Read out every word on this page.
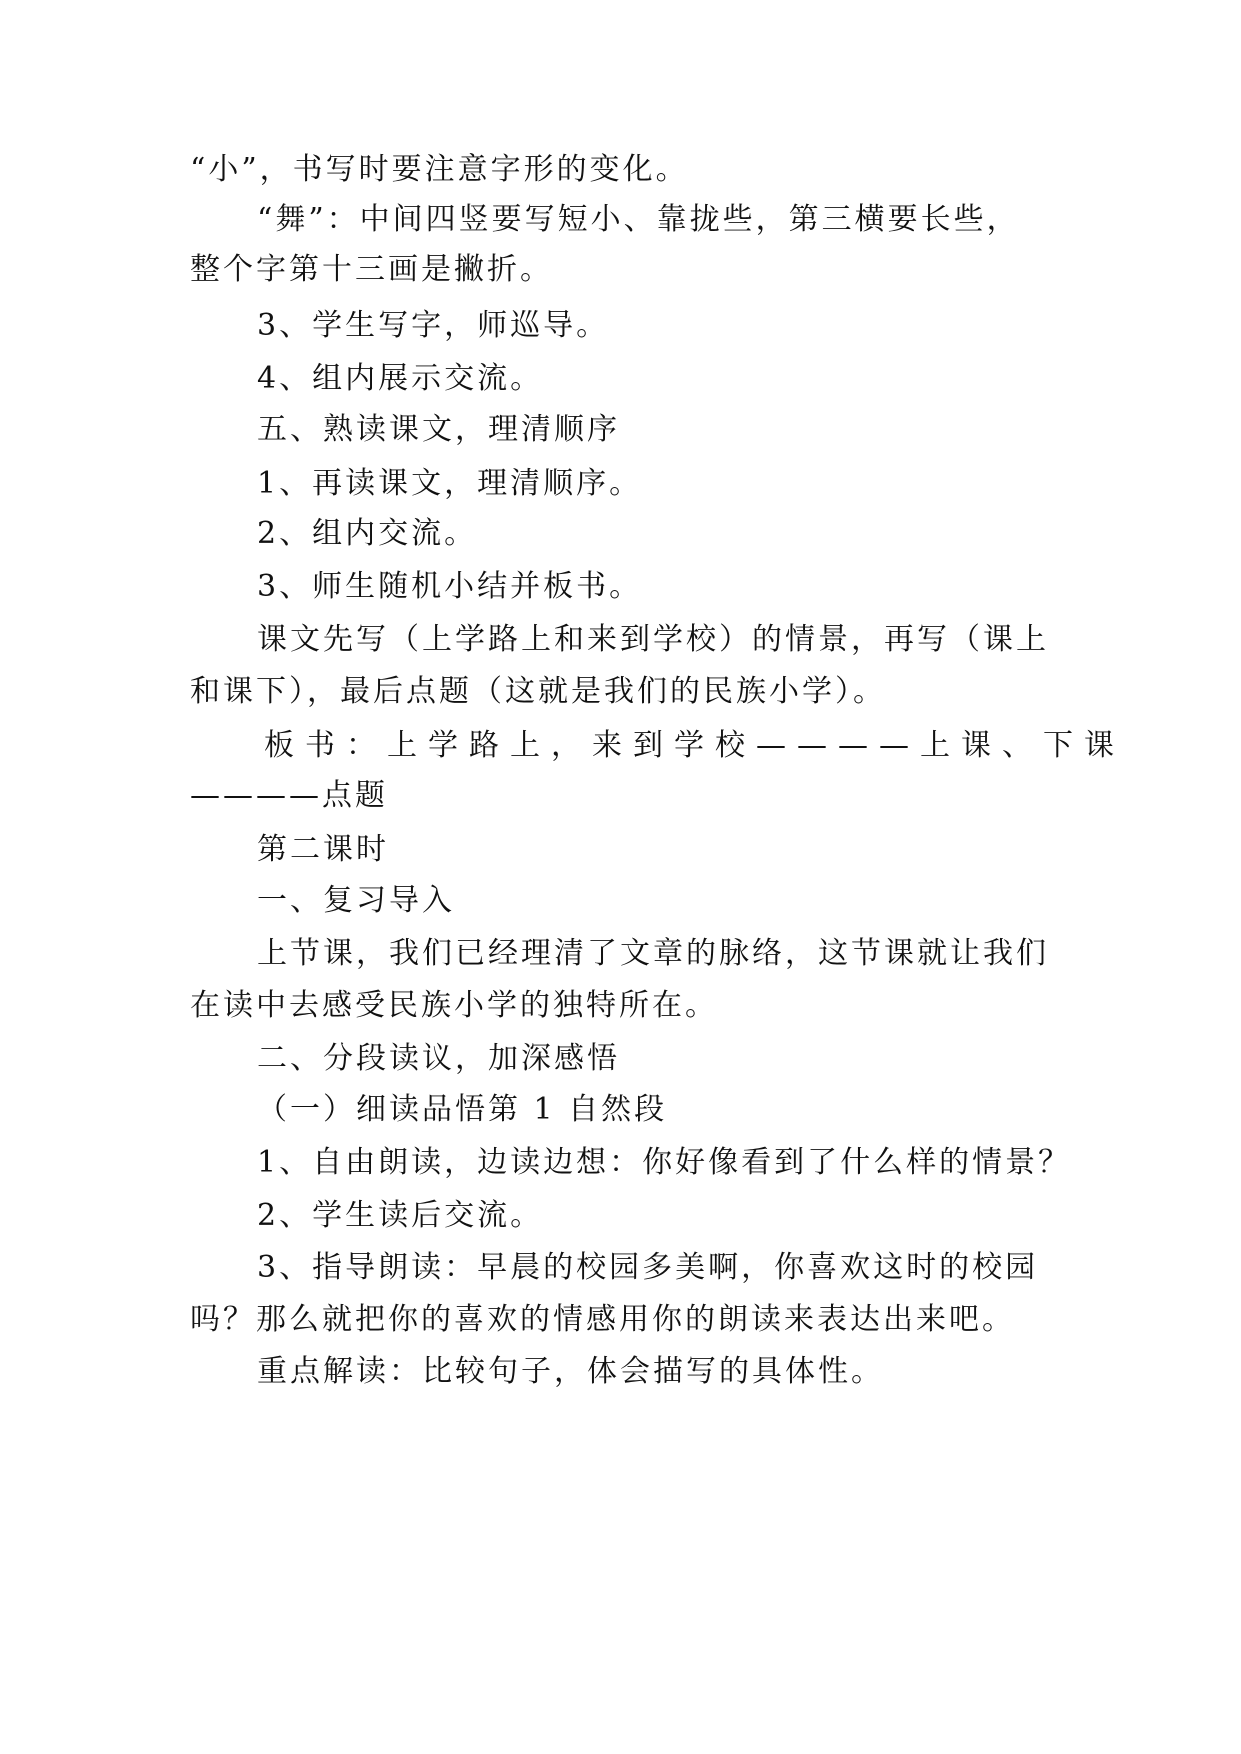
“小”，书写时要注意字形的变化。
“舞”：中间四竖要写短小、靠拢些，第三横要长些，
整个字第十三画是撇折。
3、学生写字，师巡导。
4、组内展示交流。
五、熟读课文，理清顺序
1、再读课文，理清顺序。
2、组内交流。
3、师生随机小结并板书。
课文先写（上学路上和来到学校）的情景，再写（课上
和课下），最后点题（这就是我们的民族小学）。
板书：上学路上，来到学校————上课、下课
————点题
第二课时
一、复习导入
上节课，我们已经理清了文章的脉络，这节课就让我们
在读中去感受民族小学的独特所在。
二、分段读议，加深感悟
（一）细读品悟第 1 自然段
1、自由朗读，边读边想：你好像看到了什么样的情景？
2、学生读后交流。
3、指导朗读：早晨的校园多美啊，你喜欢这时的校园
吗？那么就把你的喜欢的情感用你的朗读来表达出来吧。
重点解读：比较句子，体会描写的具体性。
